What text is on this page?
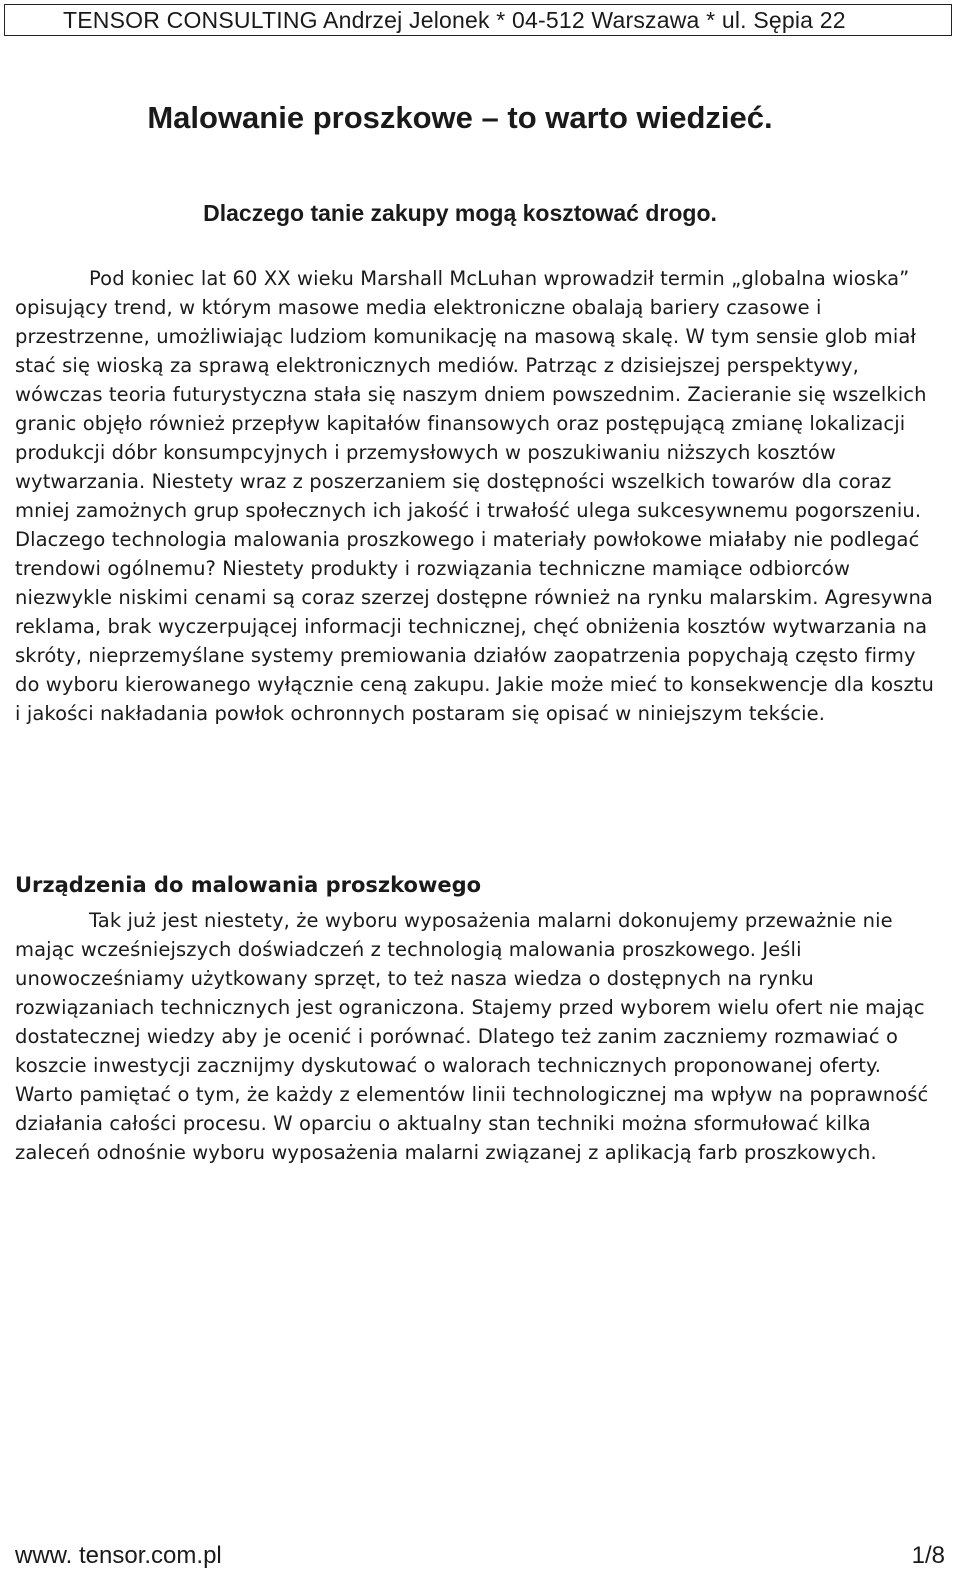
TENSOR CONSULTING Andrzej Jelonek * 04-512 Warszawa * ul. Sępia 22
Malowanie proszkowe – to warto wiedzieć.
Dlaczego tanie zakupy mogą kosztować drogo.

Pod koniec lat 60 XX wieku Marshall McLuhan wprowadził termin „globalna wioska” opisujący trend, w którym masowe media elektroniczne obalają bariery czasowe i przestrzenne, umożliwiając ludziom komunikację na masową skalę. W tym sensie glob miał stać się wioską za sprawą elektronicznych mediów. Patrząc z dzisiejszej perspektywy, wówczas teoria futurystyczna stała się naszym dniem powszednim. Zacieranie się wszelkich granic objęło również przepływ kapitałów finansowych oraz postępującą zmianę lokalizacji produkcji dóbr konsumpcyjnych i przemysłowych w poszukiwaniu niższych kosztów wytwarzania. Niestety wraz z poszerzaniem się dostępności wszelkich towarów dla coraz mniej zamożnych grup społecznych ich jakość i trwałość ulega sukcesywnemu pogorszeniu. Dlaczego technologia malowania proszkowego i materiały powłokowe miałaby nie podlegać trendowi ogólnemu? Niestety produkty i rozwiązania techniczne mamiące odbiorców niezwykle niskimi cenami są coraz szerzej dostępne również na rynku malarskim. Agresywna reklama, brak wyczerpującej informacji technicznej, chęć obniżenia kosztów wytwarzania na skróty, nieprzemyślane systemy premiowania działów zaopatrzenia popychają często firmy do wyboru kierowanego wyłącznie ceną zakupu. Jakie może mieć to konsekwencje dla kosztu i jakości nakładania powłok ochronnych postaram się opisać w niniejszym tekście.

Urządzenia do malowania proszkowego

Tak już jest niestety, że wyboru wyposażenia malarni dokonujemy przeważnie nie mając wcześniejszych doświadczeń z technologią malowania proszkowego. Jeśli unowocześniamy użytkowany sprzęt, to też nasza wiedza o dostępnych na rynku rozwiązaniach technicznych jest ograniczona. Stajemy przed wyborem wielu ofert nie mając dostatecznej wiedzy aby je ocenić i porównać. Dlatego też zanim zaczniemy rozmawiać o koszcie inwestycji zacznijmy dyskutować o walorach technicznych proponowanej oferty. Warto pamiętać o tym, że każdy z elementów linii technologicznej ma wpływ na poprawność działania całości procesu. W oparciu o aktualny stan techniki można sformułować kilka zaleceń odnośnie wyboru wyposażenia malarni związanej z aplikacją farb proszkowych.

www. tensor.com.pl	1/8
